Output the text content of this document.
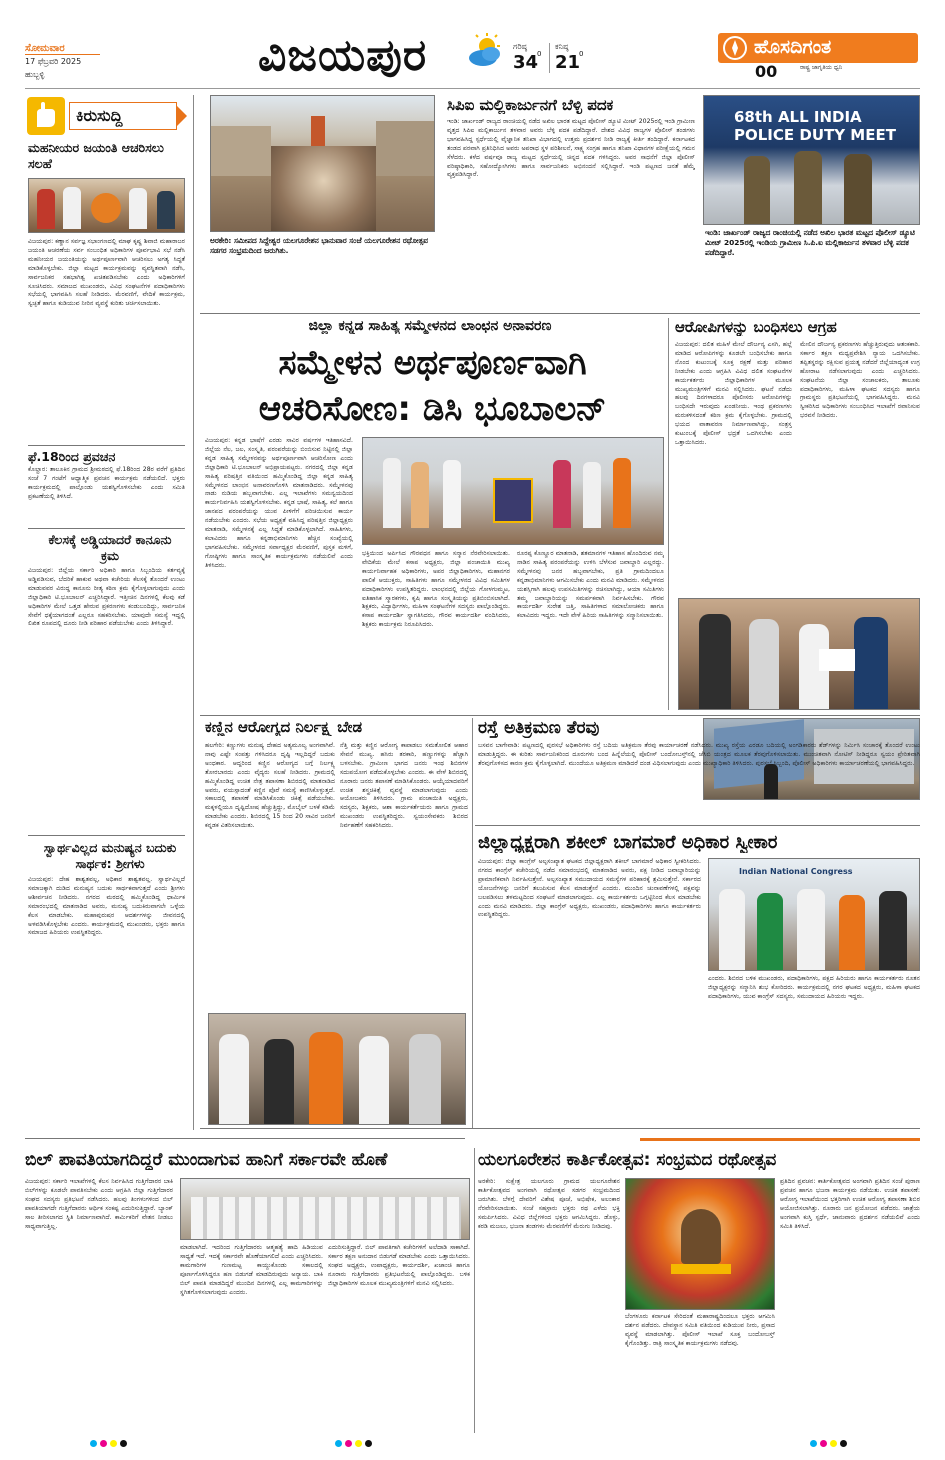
ಸೋಮವಾರ
17 ಫೆಬ್ರವರಿ 2025
ಹುಬ್ಬಳ್ಳಿ	ವಿಜಯಪುರ	ಗರಿಷ್ಠ
34
0
ಕನಿಷ್ಠ
21
0	ಹೊಸದಿಗಂತ
ರಾಷ್ಟ್ರ ಜಾಗೃತಿಯ ಧ್ವನಿ
00
ಕಿರುಸುದ್ದಿ
ಮಹನೀಯರ ಜಯಂತಿ ಆಚರಿಸಲು ಸಲಹೆ
ವಿಜಯಪುರ: ಕಣ್ಣಾನ ಸರ್ವಜ್ಞ ಸಭಾಂಗಣದಲ್ಲಿ ಮಾಘ ಕೃಷ್ಣ ಶಿವಾಜಿ ಮಹಾರಾಜರ ಜಯಂತಿ ಆಚರಣೆಯ ಸರ್ವ ಸಂಬಂಧಿತ ಅಧಿಕಾರಿಗಳ ಪೂರ್ವಭಾವಿ ಸಭೆ ನಡೆಸಿ ಮಹನೀಯರ ಜಯಂತಿಯನ್ನು ಅರ್ಥಪೂರ್ಣವಾಗಿ ಆಚರಿಸಲು ಅಗತ್ಯ ಸಿದ್ಧತೆ ಮಾಡಿಕೊಳ್ಳಬೇಕು. ಜಿಲ್ಲಾ ಮಟ್ಟದ ಕಾರ್ಯಕ್ರಮವನ್ನು ವ್ಯವಸ್ಥಿತವಾಗಿ ನಡೆಸಿ, ಸಾರ್ವಜನಿಕರ ಸಹಭಾಗಿತ್ವ ಖಚಿತಪಡಿಸಬೇಕು ಎಂದು ಅಧಿಕಾರಿಗಳಿಗೆ ಸೂಚಿಸಿದರು. ಸಮಾಜದ ಮುಖಂಡರು, ವಿವಿಧ ಸಂಘಟನೆಗಳ ಪದಾಧಿಕಾರಿಗಳು ಸಭೆಯಲ್ಲಿ ಭಾಗವಹಿಸಿ ಸಲಹೆ ನೀಡಿದರು. ಮೆರವಣಿಗೆ, ವೇದಿಕೆ ಕಾರ್ಯಕ್ರಮ, ಸ್ವಚ್ಛತೆ ಹಾಗೂ ಕುಡಿಯುವ ನೀರಿನ ವ್ಯವಸ್ಥೆ ಕುರಿತು ಚರ್ಚಿಸಲಾಯಿತು.
ಫೆ.18ರಿಂದ ಪ್ರವಚನ
ಕೊಲ್ಹಾರ: ತಾಲೂಕಿನ ಗ್ರಾಮದ ಶ್ರೀಮಠದಲ್ಲಿ ಫೆ.18ರಿಂದ 28ರ ವರೆಗೆ ಪ್ರತಿದಿನ ಸಂಜೆ 7 ಗಂಟೆಗೆ ಆಧ್ಯಾತ್ಮಿಕ ಪ್ರವಚನ ಕಾರ್ಯಕ್ರಮ ನಡೆಯಲಿದೆ. ಭಕ್ತರು ಕಾರ್ಯಕ್ರಮದಲ್ಲಿ ಪಾಲ್ಗೊಂಡು ಯಶಸ್ವಿಗೊಳಿಸಬೇಕು ಎಂದು ಸಮಿತಿ ಪ್ರಕಟಣೆಯಲ್ಲಿ ತಿಳಿಸಿದೆ.
ಕೆಲಸಕ್ಕೆ ಅಡ್ಡಿಯಾದರೆ ಕಾನೂನು ಕ್ರಮ
ವಿಜಯಪುರ: ಜಿಲ್ಲೆಯ ಸರ್ಕಾರಿ ಅಧಿಕಾರಿ ಹಾಗೂ ಸಿಬ್ಬಂದಿಯ ಕರ್ತವ್ಯಕ್ಕೆ ಅಡ್ಡಿಪಡಿಸುವ, ಬೆದರಿಕೆ ಹಾಕುವ ಅಥವಾ ಕಚೇರಿಯ ಕೆಲಸಕ್ಕೆ ತೊಂದರೆ ಉಂಟು ಮಾಡುವವರ ವಿರುದ್ಧ ಕಾನೂನು ರೀತ್ಯ ಕಠಿಣ ಕ್ರಮ ಕೈಗೊಳ್ಳಲಾಗುವುದು ಎಂದು ಜಿಲ್ಲಾಧಿಕಾರಿ ಟಿ.ಭೂಬಾಲನ್ ಎಚ್ಚರಿಸಿದ್ದಾರೆ. ಇತ್ತೀಚಿನ ದಿನಗಳಲ್ಲಿ ಕೆಲವು ಕಡೆ ಅಧಿಕಾರಿಗಳ ಮೇಲೆ ಒತ್ತಡ ಹೇರುವ ಪ್ರಕರಣಗಳು ಕಂಡುಬಂದಿದ್ದು, ಸಾರ್ವಜನಿಕ ಸೇವೆಗೆ ಧಕ್ಕೆಯಾಗದಂತೆ ಎಲ್ಲರೂ ಸಹಕರಿಸಬೇಕು. ಯಾವುದೇ ಸಮಸ್ಯೆ ಇದ್ದಲ್ಲಿ ಲಿಖಿತ ರೂಪದಲ್ಲಿ ದೂರು ನೀಡಿ ಪರಿಹಾರ ಪಡೆಯಬೇಕು ಎಂದು ತಿಳಿಸಿದ್ದಾರೆ.
ಸ್ವಾರ್ಥವಿಲ್ಲದ ಮನುಷ್ಯನ ಬದುಕು ಸಾರ್ಥಕ: ಶ್ರೀಗಳು
ವಿಜಯಪುರ: ದೇಹ ಶಾಶ್ವತವಲ್ಲ, ಅಧಿಕಾರ ಶಾಶ್ವತವಲ್ಲ. ಸ್ವಾರ್ಥವಿಲ್ಲದೆ ಸಮಾಜಕ್ಕಾಗಿ ದುಡಿದ ಮನುಷ್ಯನ ಬದುಕು ಸಾರ್ಥಕವಾಗುತ್ತದೆ ಎಂದು ಶ್ರೀಗಳು ಆಶೀರ್ವಚನ ನೀಡಿದರು. ನಗರದ ಮಠದಲ್ಲಿ ಹಮ್ಮಿಕೊಂಡಿದ್ದ ಧಾರ್ಮಿಕ ಸಮಾರಂಭದಲ್ಲಿ ಮಾತನಾಡಿದ ಅವರು, ಮನುಷ್ಯ ಬದುಕಿರುವಾಗಲೇ ಒಳ್ಳೆಯ ಕೆಲಸ ಮಾಡಬೇಕು. ಮಹಾಪುರುಷರ ಆದರ್ಶಗಳನ್ನು ಜೀವನದಲ್ಲಿ ಅಳವಡಿಸಿಕೊಳ್ಳಬೇಕು ಎಂದರು. ಕಾರ್ಯಕ್ರಮದಲ್ಲಿ ಮುಖಂಡರು, ಭಕ್ತರು ಹಾಗೂ ಸಮಾಜದ ಹಿರಿಯರು ಉಪಸ್ಥಿತರಿದ್ದರು.
ಅರಕೇರಿ: ಸಮೀಪದ ಸಿದ್ದೇಶ್ವರ ಯಲಗೂರೇಶನ ಭಾನುವಾರ ಸಂಜೆ ಯಲಗೂರೇಶನ ರಥೋತ್ಸವ ಸಡಗರ ಸಂಭ್ರಮದಿಂದ ಜರುಗಿತು.
ಸಿಪಿಐ ಮಲ್ಲಿಕಾರ್ಜುನಗೆ ಬೆಳ್ಳಿ ಪದಕ
ಇಂಡಿ: ಜಾರ್ಖಂಡ್ ರಾಜ್ಯದ ರಾಂಚಿಯಲ್ಲಿ ನಡೆದ ಅಖಿಲ ಭಾರತ ಮಟ್ಟದ ಪೊಲೀಸ್ ಡ್ಯೂಟಿ ಮೀಟ್ 2025ರಲ್ಲಿ ಇಂಡಿ ಗ್ರಾಮೀಣ ವೃತ್ತದ ಸಿಪಿಐ ಮಲ್ಲಿಕಾರ್ಜುನ ತಳವಾರ ಅವರು ಬೆಳ್ಳಿ ಪದಕ ಪಡೆದಿದ್ದಾರೆ. ದೇಶದ ವಿವಿಧ ರಾಜ್ಯಗಳ ಪೊಲೀಸ್ ತಂಡಗಳು ಭಾಗವಹಿಸಿದ್ದ ಸ್ಪರ್ಧೆಯಲ್ಲಿ ವೈಜ್ಞಾನಿಕ ತನಿಖಾ ವಿಭಾಗದಲ್ಲಿ ಉತ್ತಮ ಪ್ರದರ್ಶನ ನೀಡಿ ರಾಜ್ಯಕ್ಕೆ ಕೀರ್ತಿ ತಂದಿದ್ದಾರೆ. ಕರ್ನಾಟಕದ ತಂಡದ ಪರವಾಗಿ ಪ್ರತಿನಿಧಿಸಿದ ಅವರು ಅಪರಾಧ ಸ್ಥಳ ಪರಿಶೀಲನೆ, ಸಾಕ್ಷ್ಯ ಸಂಗ್ರಹ ಹಾಗೂ ತನಿಖಾ ವಿಧಾನಗಳ ಪರೀಕ್ಷೆಯಲ್ಲಿ ಗಮನ ಸೆಳೆದರು. ಕಳೆದ ವರ್ಷವೂ ರಾಜ್ಯ ಮಟ್ಟದ ಸ್ಪರ್ಧೆಯಲ್ಲಿ ಚಿನ್ನದ ಪದಕ ಗಳಿಸಿದ್ದರು. ಅವರ ಸಾಧನೆಗೆ ಜಿಲ್ಲಾ ಪೊಲೀಸ್ ವರಿಷ್ಠಾಧಿಕಾರಿ, ಸಹೋದ್ಯೋಗಿಗಳು ಹಾಗೂ ಸಾರ್ವಜನಿಕರು ಅಭಿನಂದನೆ ಸಲ್ಲಿಸಿದ್ದಾರೆ. ಇಂಡಿ ಪಟ್ಟಣದ ಜನತೆ ಹೆಮ್ಮೆ ವ್ಯಕ್ತಪಡಿಸಿದ್ದಾರೆ.
68th ALL INDIA POLICE DUTY MEET
ಇಂಡಿ: ಜಾರ್ಖಂಡ್ ರಾಜ್ಯದ ರಾಂಚಿಯಲ್ಲಿ ನಡೆದ ಅಖಿಲ ಭಾರತ ಮಟ್ಟದ ಪೊಲೀಸ್ ಡ್ಯೂಟಿ ಮೀಟ್ 2025ರಲ್ಲಿ ಇಂಡಿಯ ಗ್ರಾಮೀಣ ಸಿ.ಪಿ.ಐ ಮಲ್ಲಿಕಾರ್ಜುನ ತಳವಾರ ಬೆಳ್ಳಿ ಪದಕ ಪಡೆದಿದ್ದಾರೆ.
ಜಿಲ್ಲಾ ಕನ್ನಡ ಸಾಹಿತ್ಯ ಸಮ್ಮೇಳನದ ಲಾಂಛನ ಅನಾವರಣ
ಸಮ್ಮೇಳನ ಅರ್ಥಪೂರ್ಣವಾಗಿ
ಆಚರಿಸೋಣ: ಡಿಸಿ ಭೂಬಾಲನ್
ವಿಜಯಪುರ: ಕನ್ನಡ ಭಾಷೆಗೆ ಎರಡು ಸಾವಿರ ವರ್ಷಗಳ ಇತಿಹಾಸವಿದೆ. ಜಿಲ್ಲೆಯ ನೆಲ, ಜಲ, ಸಂಸ್ಕೃತಿ, ಪರಂಪರೆಯನ್ನು ಬಿಂಬಿಸುವ ನಿಟ್ಟಿನಲ್ಲಿ ಜಿಲ್ಲಾ ಕನ್ನಡ ಸಾಹಿತ್ಯ ಸಮ್ಮೇಳನವನ್ನು ಅರ್ಥಪೂರ್ಣವಾಗಿ ಆಚರಿಸೋಣ ಎಂದು ಜಿಲ್ಲಾಧಿಕಾರಿ ಟಿ.ಭೂಬಾಲನ್ ಅಭಿಪ್ರಾಯಪಟ್ಟರು. ನಗರದಲ್ಲಿ ಜಿಲ್ಲಾ ಕನ್ನಡ ಸಾಹಿತ್ಯ ಪರಿಷತ್ತಿನ ವತಿಯಿಂದ ಹಮ್ಮಿಕೊಂಡಿದ್ದ ಜಿಲ್ಲಾ ಕನ್ನಡ ಸಾಹಿತ್ಯ ಸಮ್ಮೇಳನದ ಲಾಂಛನ ಅನಾವರಣಗೊಳಿಸಿ ಮಾತನಾಡಿದರು. ಸಮ್ಮೇಳನವು ನಾಡು ನುಡಿಯ ಹಬ್ಬವಾಗಬೇಕು. ಎಲ್ಲ ಇಲಾಖೆಗಳು ಸಮನ್ವಯದಿಂದ ಕಾರ್ಯನಿರ್ವಹಿಸಿ ಯಶಸ್ವಿಗೊಳಿಸಬೇಕು. ಕನ್ನಡ ಭಾಷೆ, ಸಾಹಿತ್ಯ, ಕಲೆ ಹಾಗೂ ಜಾನಪದ ಪರಂಪರೆಯನ್ನು ಯುವ ಪೀಳಿಗೆಗೆ ಪರಿಚಯಿಸುವ ಕಾರ್ಯ ನಡೆಯಬೇಕು ಎಂದರು. ಸಭೆಯ ಅಧ್ಯಕ್ಷತೆ ವಹಿಸಿದ್ದ ಪರಿಷತ್ತಿನ ಜಿಲ್ಲಾಧ್ಯಕ್ಷರು ಮಾತನಾಡಿ, ಸಮ್ಮೇಳನಕ್ಕೆ ಎಲ್ಲ ಸಿದ್ಧತೆ ಮಾಡಿಕೊಳ್ಳಲಾಗಿದೆ. ಸಾಹಿತಿಗಳು, ಕಲಾವಿದರು ಹಾಗೂ ಕನ್ನಡಾಭಿಮಾನಿಗಳು ಹೆಚ್ಚಿನ ಸಂಖ್ಯೆಯಲ್ಲಿ ಭಾಗವಹಿಸಬೇಕು. ಸಮ್ಮೇಳನದ ಸರ್ವಾಧ್ಯಕ್ಷರ ಮೆರವಣಿಗೆ, ಪುಸ್ತಕ ಮಳಿಗೆ, ಗೋಷ್ಠಿಗಳು ಹಾಗೂ ಸಾಂಸ್ಕೃತಿಕ ಕಾರ್ಯಕ್ರಮಗಳು ನಡೆಯಲಿವೆ ಎಂದು ತಿಳಿಸಿದರು.
ಭಕ್ತಿಯಿಂದ ಅರ್ಪಿಸಿದ ಗೌರವಧನ ಹಾಗೂ ಸನ್ಮಾನ ನೆರವೇರಿಸಲಾಯಿತು. ವೇದಿಕೆಯ ಮೇಲೆ ಕಸಾಪ ಅಧ್ಯಕ್ಷರು, ಜಿಲ್ಲಾ ಪಂಚಾಯಿತಿ ಮುಖ್ಯ ಕಾರ್ಯನಿರ್ವಾಹಕ ಅಧಿಕಾರಿಗಳು, ಅಪರ ಜಿಲ್ಲಾಧಿಕಾರಿಗಳು, ಮಹಾನಗರ ಪಾಲಿಕೆ ಆಯುಕ್ತರು, ಸಾಹಿತಿಗಳು ಹಾಗೂ ಸಮ್ಮೇಳನದ ವಿವಿಧ ಸಮಿತಿಗಳ ಪದಾಧಿಕಾರಿಗಳು ಉಪಸ್ಥಿತರಿದ್ದರು. ಲಾಂಛನದಲ್ಲಿ ಜಿಲ್ಲೆಯ ಗೋಳಗುಮ್ಮಟ, ಐತಿಹಾಸಿಕ ಸ್ಮಾರಕಗಳು, ಕೃಷಿ ಹಾಗೂ ಸಂಸ್ಕೃತಿಯನ್ನು ಪ್ರತಿಬಿಂಬಿಸಲಾಗಿದೆ. ಶಿಕ್ಷಕರು, ವಿದ್ಯಾರ್ಥಿಗಳು, ಮಹಿಳಾ ಸಂಘಟನೆಗಳ ಸದಸ್ಯರು ಪಾಲ್ಗೊಂಡಿದ್ದರು. ಕಸಾಪ ಕಾರ್ಯದರ್ಶಿ ಸ್ವಾಗತಿಸಿದರು, ಗೌರವ ಕಾರ್ಯದರ್ಶಿ ವಂದಿಸಿದರು, ಶಿಕ್ಷಕರು ಕಾರ್ಯಕ್ರಮ ನಿರೂಪಿಸಿದರು.
ರೂರಪ್ಪ ಕೊಣ್ಣೂರ ಮಾತನಾಡಿ, ಶತಮಾನಗಳ ಇತಿಹಾಸ ಹೊಂದಿರುವ ನಮ್ಮ ನಾಡಿನ ಸಾಹಿತ್ಯ ಪರಂಪರೆಯನ್ನು ಉಳಿಸಿ ಬೆಳೆಸುವ ಜವಾಬ್ದಾರಿ ಎಲ್ಲರದ್ದು. ಸಮ್ಮೇಳನವು ಜನರ ಹಬ್ಬವಾಗಬೇಕು, ಪ್ರತಿ ಗ್ರಾಮದಿಂದಲೂ ಕನ್ನಡಾಭಿಮಾನಿಗಳು ಆಗಮಿಸಬೇಕು ಎಂದು ಮನವಿ ಮಾಡಿದರು. ಸಮ್ಮೇಳನದ ಯಶಸ್ಸಿಗಾಗಿ ಹಲವು ಉಪಸಮಿತಿಗಳನ್ನು ರಚಿಸಲಾಗಿದ್ದು, ಆಯಾ ಸಮಿತಿಗಳು ತಮ್ಮ ಜವಾಬ್ದಾರಿಯನ್ನು ಸಮರ್ಪಕವಾಗಿ ನಿರ್ವಹಿಸಬೇಕು. ಗೌರವ ಕಾರ್ಯದರ್ಶಿ ಸುರೇಶ ಜತ್ತಿ, ಸಾಹಿತಿಗಳಾದ ಸಮಾಲೋಚಕರು ಹಾಗೂ ಕಲಾವಿದರು ಇದ್ದರು. ಇದೇ ವೇಳೆ ಹಿರಿಯ ಸಾಹಿತಿಗಳನ್ನು ಸನ್ಮಾನಿಸಲಾಯಿತು.
ಆರೋಪಿಗಳನ್ನು ಬಂಧಿಸಲು ಆಗ್ರಹ
ವಿಜಯಪುರ: ದಲಿತ ಮಹಿಳೆ ಮೇಲೆ ದೌರ್ಜನ್ಯ ಎಸಗಿ, ಹಲ್ಲೆ ಮಾಡಿದ ಆರೋಪಿಗಳನ್ನು ಕೂಡಲೇ ಬಂಧಿಸಬೇಕು ಹಾಗೂ ನೊಂದ ಕುಟುಂಬಕ್ಕೆ ಸೂಕ್ತ ರಕ್ಷಣೆ ಮತ್ತು ಪರಿಹಾರ ನೀಡಬೇಕು ಎಂದು ಆಗ್ರಹಿಸಿ ವಿವಿಧ ದಲಿತ ಸಂಘಟನೆಗಳ ಕಾರ್ಯಕರ್ತರು ಜಿಲ್ಲಾಧಿಕಾರಿಗಳ ಮೂಲಕ ಮುಖ್ಯಮಂತ್ರಿಗಳಿಗೆ ಮನವಿ ಸಲ್ಲಿಸಿದರು. ಘಟನೆ ನಡೆದು ಹಲವು ದಿನಗಳಾದರೂ ಪೊಲೀಸರು ಆರೋಪಿಗಳನ್ನು ಬಂಧಿಸದೇ ಇರುವುದು ಖಂಡನೀಯ. ಇಂಥ ಪ್ರಕರಣಗಳು ಮರುಕಳಿಸದಂತೆ ಕಠಿಣ ಕ್ರಮ ಕೈಗೊಳ್ಳಬೇಕು. ಗ್ರಾಮದಲ್ಲಿ ಭಯದ ವಾತಾವರಣ ನಿರ್ಮಾಣವಾಗಿದ್ದು, ಸಂತ್ರಸ್ತ ಕುಟುಂಬಕ್ಕೆ ಪೊಲೀಸ್ ಭದ್ರತೆ ಒದಗಿಸಬೇಕು ಎಂದು ಒತ್ತಾಯಿಸಿದರು.
ಮೇಲಿನ ದೌರ್ಜನ್ಯ ಪ್ರಕರಣಗಳು ಹೆಚ್ಚುತ್ತಿರುವುದು ಆತಂಕಕಾರಿ. ಸರ್ಕಾರ ತಕ್ಷಣ ಮಧ್ಯಪ್ರವೇಶಿಸಿ ನ್ಯಾಯ ಒದಗಿಸಬೇಕು. ತಪ್ಪಿತಸ್ಥರನ್ನು ರಕ್ಷಿಸುವ ಪ್ರಯತ್ನ ನಡೆದರೆ ಜಿಲ್ಲೆಯಾದ್ಯಂತ ಉಗ್ರ ಹೋರಾಟ ನಡೆಸಲಾಗುವುದು ಎಂದು ಎಚ್ಚರಿಸಿದರು. ಸಂಘಟನೆಯ ಜಿಲ್ಲಾ ಸಂಚಾಲಕರು, ತಾಲೂಕು ಪದಾಧಿಕಾರಿಗಳು, ಮಹಿಳಾ ಘಟಕದ ಸದಸ್ಯರು ಹಾಗೂ ಗ್ರಾಮಸ್ಥರು ಪ್ರತಿಭಟನೆಯಲ್ಲಿ ಭಾಗವಹಿಸಿದ್ದರು. ಮನವಿ ಸ್ವೀಕರಿಸಿದ ಅಧಿಕಾರಿಗಳು ಸಂಬಂಧಿಸಿದ ಇಲಾಖೆಗೆ ರವಾನಿಸುವ ಭರವಸೆ ನೀಡಿದರು.
ಕಣ್ಣಿನ ಆರೋಗ್ಯದ ನಿರ್ಲಕ್ಷ್ಯ ಬೇಡ
ಹಲಗೇರಿ: ಕಣ್ಣುಗಳು ಮನುಷ್ಯ ದೇಹದ ಅತ್ಯಮೂಲ್ಯ ಅಂಗವಾಗಿವೆ. ನಾವು ಎಷ್ಟೇ ಸಂಪತ್ತು ಗಳಿಸಿದರೂ ದೃಷ್ಟಿ ಇಲ್ಲದಿದ್ದರೆ ಬದುಕು ಅಂಧಕಾರ. ಆದ್ದರಿಂದ ಕಣ್ಣಿನ ಆರೋಗ್ಯದ ಬಗ್ಗೆ ನಿರ್ಲಕ್ಷ್ಯ ತೋರಬಾರದು ಎಂದು ವೈದ್ಯರು ಸಲಹೆ ನೀಡಿದರು. ಗ್ರಾಮದಲ್ಲಿ ಹಮ್ಮಿಕೊಂಡಿದ್ದ ಉಚಿತ ನೇತ್ರ ತಪಾಸಣಾ ಶಿಬಿರದಲ್ಲಿ ಮಾತನಾಡಿದ ಅವರು, ವಯಸ್ಸಾದಂತೆ ಕಣ್ಣಿನ ಪೊರೆ ಸಮಸ್ಯೆ ಕಾಣಿಸಿಕೊಳ್ಳುತ್ತದೆ. ಸಕಾಲದಲ್ಲಿ ತಪಾಸಣೆ ಮಾಡಿಸಿಕೊಂಡು ಚಿಕಿತ್ಸೆ ಪಡೆಯಬೇಕು. ಮಕ್ಕಳಲ್ಲಿಯೂ ದೃಷ್ಟಿದೋಷ ಹೆಚ್ಚುತ್ತಿದ್ದು, ಮೊಬೈಲ್ ಬಳಕೆ ಕಡಿಮೆ ಮಾಡಬೇಕು ಎಂದರು. ಶಿಬಿರದಲ್ಲಿ 15 ರಿಂದ 20 ಸಾವಿರ ಜನರಿಗೆ ಕನ್ನಡಕ ವಿತರಿಸಲಾಯಿತು.
ನೆತ್ತಿ ಮತ್ತು ಕಣ್ಣಿನ ಆರೋಗ್ಯ ಕಾಪಾಡಲು ಸಮತೋಲಿತ ಆಹಾರ ಸೇವನೆ ಮುಖ್ಯ. ಹಸಿರು ತರಕಾರಿ, ಹಣ್ಣುಗಳನ್ನು ಹೆಚ್ಚಾಗಿ ಬಳಸಬೇಕು. ಗ್ರಾಮೀಣ ಭಾಗದ ಜನರು ಇಂಥ ಶಿಬಿರಗಳ ಸದುಪಯೋಗ ಪಡೆದುಕೊಳ್ಳಬೇಕು ಎಂದರು. ಈ ವೇಳೆ ಶಿಬಿರದಲ್ಲಿ ನೂರಾರು ಜನರು ತಪಾಸಣೆ ಮಾಡಿಸಿಕೊಂಡರು. ಆಯ್ಕೆಯಾದವರಿಗೆ ಉಚಿತ ಶಸ್ತ್ರಚಿಕಿತ್ಸೆ ವ್ಯವಸ್ಥೆ ಮಾಡಲಾಗುವುದು ಎಂದು ಆಯೋಜಕರು ತಿಳಿಸಿದರು. ಗ್ರಾಮ ಪಂಚಾಯಿತಿ ಅಧ್ಯಕ್ಷರು, ಸದಸ್ಯರು, ಶಿಕ್ಷಕರು, ಆಶಾ ಕಾರ್ಯಕರ್ತೆಯರು ಹಾಗೂ ಗ್ರಾಮದ ಮುಖಂಡರು ಉಪಸ್ಥಿತರಿದ್ದರು. ಸ್ವಯಂಸೇವಕರು ಶಿಬಿರದ ನಿರ್ವಹಣೆಗೆ ಸಹಕರಿಸಿದರು.
ರಸ್ತೆ ಅತಿಕ್ರಮಣ ತೆರವು
ಬಸವನ ಬಾಗೇವಾಡಿ: ಪಟ್ಟಣದಲ್ಲಿ ಪುರಸಭೆ ಅಧಿಕಾರಿಗಳು ರಸ್ತೆ ಬದಿಯ ಅತಿಕ್ರಮಣ ತೆರವು ಕಾರ್ಯಾಚರಣೆ ನಡೆಸಿದರು. ಮುಖ್ಯ ರಸ್ತೆಯ ಎರಡೂ ಬದಿಯಲ್ಲಿ ಅಂಗಡಿಕಾರರು ಶೆಡ್‌ಗಳನ್ನು ನಿರ್ಮಿಸಿ ಸಂಚಾರಕ್ಕೆ ತೊಂದರೆ ಉಂಟು ಮಾಡುತ್ತಿದ್ದರು. ಈ ಕುರಿತು ಸಾರ್ವಜನಿಕರಿಂದ ದೂರುಗಳು ಬಂದ ಹಿನ್ನೆಲೆಯಲ್ಲಿ ಪೊಲೀಸ್ ಬಂದೋಬಸ್ತ್‌ನಲ್ಲಿ ಜೆಸಿಬಿ ಯಂತ್ರದ ಮೂಲಕ ತೆರವುಗೊಳಿಸಲಾಯಿತು. ಮುಂಚಿತವಾಗಿ ನೋಟಿಸ್ ನೀಡಿದ್ದರೂ ಸ್ವಯಂ ಪ್ರೇರಿತವಾಗಿ ತೆರವುಗೊಳಿಸದ ಕಾರಣ ಕ್ರಮ ಕೈಗೊಳ್ಳಲಾಗಿದೆ. ಮುಂದೆಯೂ ಅತಿಕ್ರಮಣ ಮಾಡಿದರೆ ದಂಡ ವಿಧಿಸಲಾಗುವುದು ಎಂದು ಮುಖ್ಯಾಧಿಕಾರಿ ತಿಳಿಸಿದರು. ಪುರಸಭೆ ಸಿಬ್ಬಂದಿ, ಪೊಲೀಸ್ ಅಧಿಕಾರಿಗಳು ಕಾರ್ಯಾಚರಣೆಯಲ್ಲಿ ಭಾಗವಹಿಸಿದ್ದರು.
ಜಿಲ್ಲಾಧ್ಯಕ್ಷರಾಗಿ ಶಕೀಲ್ ಬಾಗಮಾರೆ ಅಧಿಕಾರ ಸ್ವೀಕಾರ
ವಿಜಯಪುರ: ಜಿಲ್ಲಾ ಕಾಂಗ್ರೆಸ್ ಅಲ್ಪಸಂಖ್ಯಾತ ಘಟಕದ ಜಿಲ್ಲಾಧ್ಯಕ್ಷರಾಗಿ ಶಕೀಲ್ ಬಾಗಮಾರೆ ಅಧಿಕಾರ ಸ್ವೀಕರಿಸಿದರು. ನಗರದ ಕಾಂಗ್ರೆಸ್ ಕಚೇರಿಯಲ್ಲಿ ನಡೆದ ಸಮಾರಂಭದಲ್ಲಿ ಮಾತನಾಡಿದ ಅವರು, ಪಕ್ಷ ನೀಡಿದ ಜವಾಬ್ದಾರಿಯನ್ನು ಪ್ರಾಮಾಣಿಕವಾಗಿ ನಿರ್ವಹಿಸುತ್ತೇನೆ. ಅಲ್ಪಸಂಖ್ಯಾತ ಸಮುದಾಯದ ಸಮಸ್ಯೆಗಳ ಪರಿಹಾರಕ್ಕೆ ಶ್ರಮಿಸುತ್ತೇನೆ. ಸರ್ಕಾರದ ಯೋಜನೆಗಳನ್ನು ಜನರಿಗೆ ತಲುಪಿಸುವ ಕೆಲಸ ಮಾಡುತ್ತೇನೆ ಎಂದರು. ಮುಂದಿನ ಚುನಾವಣೆಗಳಲ್ಲಿ ಪಕ್ಷವನ್ನು ಬಲಪಡಿಸಲು ತಳಮಟ್ಟದಿಂದ ಸಂಘಟನೆ ಮಾಡಲಾಗುವುದು. ಎಲ್ಲ ಕಾರ್ಯಕರ್ತರು ಒಗ್ಗಟ್ಟಿನಿಂದ ಕೆಲಸ ಮಾಡಬೇಕು ಎಂದು ಮನವಿ ಮಾಡಿದರು. ಜಿಲ್ಲಾ ಕಾಂಗ್ರೆಸ್ ಅಧ್ಯಕ್ಷರು, ಮುಖಂಡರು, ಪದಾಧಿಕಾರಿಗಳು ಹಾಗೂ ಕಾರ್ಯಕರ್ತರು ಉಪಸ್ಥಿತರಿದ್ದರು.
Indian National Congress
ಎಂದರು. ಶಿಬಿರದ ಬಳಿಕ ಮುಖಂಡರು, ಪದಾಧಿಕಾರಿಗಳು, ಪಕ್ಷದ ಹಿರಿಯರು ಹಾಗೂ ಕಾರ್ಯಕರ್ತರು ನೂತನ ಜಿಲ್ಲಾಧ್ಯಕ್ಷರನ್ನು ಸನ್ಮಾನಿಸಿ ಶುಭ ಕೋರಿದರು. ಕಾರ್ಯಕ್ರಮದಲ್ಲಿ ನಗರ ಘಟಕದ ಅಧ್ಯಕ್ಷರು, ಮಹಿಳಾ ಘಟಕದ ಪದಾಧಿಕಾರಿಗಳು, ಯುವ ಕಾಂಗ್ರೆಸ್ ಸದಸ್ಯರು, ಸಮುದಾಯದ ಹಿರಿಯರು ಇದ್ದರು.
ಬಿಲ್ ಪಾವತಿಯಾಗದಿದ್ದರೆ ಮುಂದಾಗುವ ಹಾನಿಗೆ ಸರ್ಕಾರವೇ ಹೊಣೆ
ವಿಜಯಪುರ: ಸರ್ಕಾರಿ ಇಲಾಖೆಗಳಲ್ಲಿ ಕೆಲಸ ನಿರ್ವಹಿಸಿದ ಗುತ್ತಿಗೆದಾರರ ಬಾಕಿ ಬಿಲ್‌ಗಳನ್ನು ಕೂಡಲೇ ಪಾವತಿಸಬೇಕು ಎಂದು ಆಗ್ರಹಿಸಿ ಜಿಲ್ಲಾ ಗುತ್ತಿಗೆದಾರರ ಸಂಘದ ಸದಸ್ಯರು ಪ್ರತಿಭಟನೆ ನಡೆಸಿದರು. ಹಲವು ತಿಂಗಳುಗಳಿಂದ ಬಿಲ್ ಪಾವತಿಯಾಗದೇ ಗುತ್ತಿಗೆದಾರರು ಆರ್ಥಿಕ ಸಂಕಷ್ಟ ಎದುರಿಸುತ್ತಿದ್ದಾರೆ. ಬ್ಯಾಂಕ್ ಸಾಲ ತೀರಿಸಲಾಗದ ಸ್ಥಿತಿ ನಿರ್ಮಾಣವಾಗಿದೆ. ಕಾರ್ಮಿಕರಿಗೆ ವೇತನ ನೀಡಲು ಸಾಧ್ಯವಾಗುತ್ತಿಲ್ಲ.
ಮಾಡಲಾಗಿದೆ. ಇದರಿಂದ ಗುತ್ತಿಗೆದಾರರು ಆತ್ಮಹತ್ಯೆ ಹಾದಿ ಹಿಡಿಯುವ ಸಾಧ್ಯತೆ ಇದೆ. ಇದಕ್ಕೆ ಸರ್ಕಾರವೇ ಹೊಣೆಯಾಗಲಿದೆ ಎಂದು ಎಚ್ಚರಿಸಿದರು. ಕಾಮಗಾರಿಗಳ ಗುಣಮಟ್ಟ ಕಾಯ್ದುಕೊಂಡು ಸಕಾಲದಲ್ಲಿ ಪೂರ್ಣಗೊಳಿಸಿದ್ದರೂ ಹಣ ಬಿಡುಗಡೆ ಮಾಡದಿರುವುದು ಅನ್ಯಾಯ. ಬಾಕಿ ಬಿಲ್ ಪಾವತಿ ಮಾಡದಿದ್ದರೆ ಮುಂದಿನ ದಿನಗಳಲ್ಲಿ ಎಲ್ಲ ಕಾಮಗಾರಿಗಳನ್ನು ಸ್ಥಗಿತಗೊಳಿಸಲಾಗುವುದು ಎಂದರು.
ಎದುರಿಸುತ್ತಿದ್ದಾರೆ. ಬಿಲ್ ಪಾವತಿಗಾಗಿ ಕಚೇರಿಗಳಿಗೆ ಅಲೆದಾಡಿ ಸಾಕಾಗಿದೆ. ಸರ್ಕಾರ ತಕ್ಷಣ ಅನುದಾನ ಬಿಡುಗಡೆ ಮಾಡಬೇಕು ಎಂದು ಒತ್ತಾಯಿಸಿದರು. ಸಂಘದ ಅಧ್ಯಕ್ಷರು, ಉಪಾಧ್ಯಕ್ಷರು, ಕಾರ್ಯದರ್ಶಿ, ಖಜಾಂಚಿ ಹಾಗೂ ನೂರಾರು ಗುತ್ತಿಗೆದಾರರು ಪ್ರತಿಭಟನೆಯಲ್ಲಿ ಪಾಲ್ಗೊಂಡಿದ್ದರು. ಬಳಿಕ ಜಿಲ್ಲಾಧಿಕಾರಿಗಳ ಮೂಲಕ ಮುಖ್ಯಮಂತ್ರಿಗಳಿಗೆ ಮನವಿ ಸಲ್ಲಿಸಿದರು.
ಯಲಗೂರೇಶನ ಕಾರ್ತಿಕೋತ್ಸವ: ಸಂಭ್ರಮದ ರಥೋತ್ಸವ
ಅರಕೇರಿ: ಸುಕ್ಷೇತ್ರ ಯಲಗೂರು ಗ್ರಾಮದ ಯಲಗೂರೇಶನ ಕಾರ್ತಿಕೋತ್ಸವದ ಅಂಗವಾಗಿ ರಥೋತ್ಸವ ಸಡಗರ ಸಂಭ್ರಮದಿಂದ ಜರುಗಿತು. ಬೆಳಗ್ಗೆ ದೇವರಿಗೆ ವಿಶೇಷ ಪೂಜೆ, ಅಭಿಷೇಕ, ಅಲಂಕಾರ ನೆರವೇರಿಸಲಾಯಿತು. ಸಂಜೆ ಸಹಸ್ರಾರು ಭಕ್ತರು ರಥ ಎಳೆದು ಭಕ್ತಿ ಸಮರ್ಪಿಸಿದರು. ವಿವಿಧ ಜಿಲ್ಲೆಗಳಿಂದ ಭಕ್ತರು ಆಗಮಿಸಿದ್ದರು. ಡೊಳ್ಳು, ಕರಡಿ ಮಜಲು, ಭಜನಾ ತಂಡಗಳು ಮೆರವಣಿಗೆಗೆ ಮೆರುಗು ನೀಡಿದವು.
ಬೆಂಗಳೂರು ಕರ್ನಾಟಕ ಸೇರಿದಂತೆ ಮಹಾರಾಷ್ಟ್ರದಿಂದಲೂ ಭಕ್ತರು ಆಗಮಿಸಿ ದರ್ಶನ ಪಡೆದರು. ದೇವಸ್ಥಾನ ಸಮಿತಿ ವತಿಯಿಂದ ಕುಡಿಯುವ ನೀರು, ಪ್ರಸಾದ ವ್ಯವಸ್ಥೆ ಮಾಡಲಾಗಿತ್ತು. ಪೊಲೀಸ್ ಇಲಾಖೆ ಸೂಕ್ತ ಬಂದೋಬಸ್ತ್ ಕೈಗೊಂಡಿತ್ತು. ರಾತ್ರಿ ಸಾಂಸ್ಕೃತಿಕ ಕಾರ್ಯಕ್ರಮಗಳು ನಡೆದವು.
ಪ್ರತಿದಿನ ಪ್ರವಚನ: ಕಾರ್ತಿಕೋತ್ಸವದ ಅಂಗವಾಗಿ ಪ್ರತಿದಿನ ಸಂಜೆ ಪುರಾಣ ಪ್ರವಚನ ಹಾಗೂ ಭಜನಾ ಕಾರ್ಯಕ್ರಮ ನಡೆಯಿತು. ಉಚಿತ ತಪಾಸಣೆ: ಆರೋಗ್ಯ ಇಲಾಖೆಯಿಂದ ಭಕ್ತರಿಗಾಗಿ ಉಚಿತ ಆರೋಗ್ಯ ತಪಾಸಣಾ ಶಿಬಿರ ಆಯೋಜಿಸಲಾಗಿತ್ತು. ನೂರಾರು ಜನ ಪ್ರಯೋಜನ ಪಡೆದರು. ಜಾತ್ರೆಯ ಅಂಗವಾಗಿ ಕುಸ್ತಿ ಸ್ಪರ್ಧೆ, ಜಾನುವಾರು ಪ್ರದರ್ಶನ ನಡೆಯಲಿವೆ ಎಂದು ಸಮಿತಿ ತಿಳಿಸಿದೆ.
